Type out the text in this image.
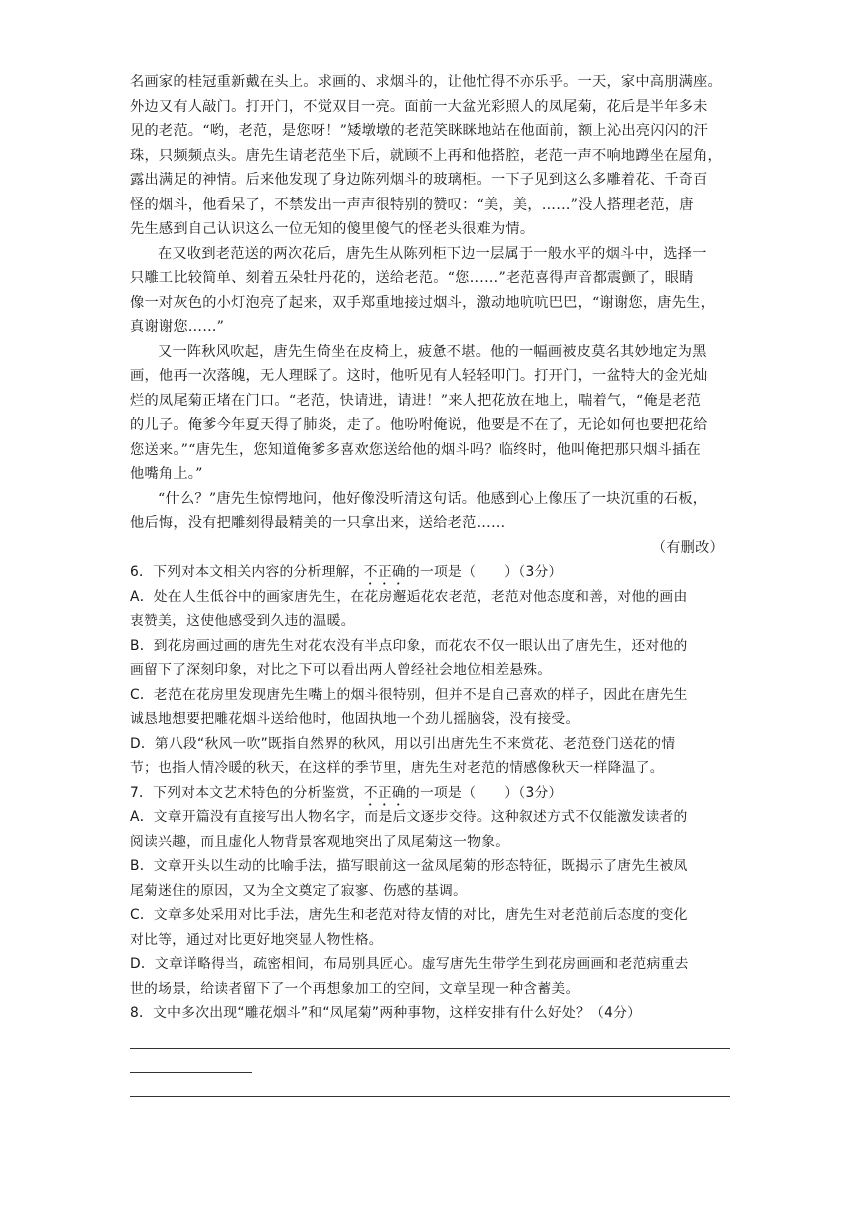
名画家的桂冠重新戴在头上。求画的、求烟斗的，让他忙得不亦乐乎。一天，家中高朋满座。
外边又有人敲门。打开门，不觉双目一亮。面前一大盆光彩照人的凤尾菊，花后是半年多未
见的老范。“哟，老范，是您呀！”矮墩墩的老范笑眯眯地站在他面前，额上沁出亮闪闪的汗
珠，只频频点头。唐先生请老范坐下后，就顾不上再和他搭腔，老范一声不响地蹲坐在屋角，
露出满足的神情。后来他发现了身边陈列烟斗的玻璃柜。一下子见到这么多雕着花、千奇百
怪的烟斗，他看呆了，不禁发出一声声很特别的赞叹：“美，美，……”没人搭理老范，唐
先生感到自己认识这么一位无知的傻里傻气的怪老头很难为情。
在又收到老范送的两次花后，唐先生从陈列柜下边一层属于一般水平的烟斗中，选择一
只雕工比较简单、刻着五朵牡丹花的，送给老范。“您……”老范喜得声音都震颤了，眼睛
像一对灰色的小灯泡亮了起来，双手郑重地接过烟斗，激动地吭吭巴巴，“谢谢您，唐先生，
真谢谢您……”
又一阵秋风吹起，唐先生倚坐在皮椅上，疲惫不堪。他的一幅画被皮莫名其妙地定为黑
画，他再一次落魄，无人理睬了。这时，他听见有人轻轻叩门。打开门，一盆特大的金光灿
烂的凤尾菊正堵在门口。“老范，快请进，请进！”来人把花放在地上，喘着气，“俺是老范
的儿子。俺爹今年夏天得了肺炎，走了。他吩咐俺说，他要是不在了，无论如何也要把花给
您送来。”“唐先生，您知道俺爹多喜欢您送给他的烟斗吗？临终时，他叫俺把那只烟斗插在
他嘴角上。”
“什么？”唐先生惊愕地问，他好像没听清这句话。他感到心上像压了一块沉重的石板，
他后悔，没有把雕刻得最精美的一只拿出来，送给老范……
（有删改）
6．下列对本文相关内容的分析理解，不正确的一项是（　　）（3分）
A．处在人生低谷中的画家唐先生，在花房邂逅花农老范，老范对他态度和善，对他的画由
衷赞美，这使他感受到久违的温暖。
B．到花房画过画的唐先生对花农没有半点印象，而花农不仅一眼认出了唐先生，还对他的
画留下了深刻印象，对比之下可以看出两人曾经社会地位相差悬殊。
C．老范在花房里发现唐先生嘴上的烟斗很特别，但并不是自己喜欢的样子，因此在唐先生
诚恳地想要把雕花烟斗送给他时，他固执地一个劲儿摇脑袋，没有接受。
D．第八段“秋风一吹”既指自然界的秋风，用以引出唐先生不来赏花、老范登门送花的情
节；也指人情冷暖的秋天，在这样的季节里，唐先生对老范的情感像秋天一样降温了。
7．下列对本文艺术特色的分析鉴赏，不正确的一项是（　　）（3分）
A．文章开篇没有直接写出人物名字，而是后文逐步交待。这种叙述方式不仅能激发读者的
阅读兴趣，而且虚化人物背景客观地突出了凤尾菊这一物象。
B．文章开头以生动的比喻手法，描写眼前这一盆凤尾菊的形态特征，既揭示了唐先生被凤
尾菊迷住的原因，又为全文奠定了寂寥、伤感的基调。
C．文章多处采用对比手法，唐先生和老范对待友情的对比，唐先生对老范前后态度的变化
对比等，通过对比更好地突显人物性格。
D．文章详略得当，疏密相间，布局别具匠心。虚写唐先生带学生到花房画画和老范病重去
世的场景，给读者留下了一个再想象加工的空间，文章呈现一种含蓄美。
8．文中多次出现“雕花烟斗”和“凤尾菊”两种事物，这样安排有什么好处？（4分）
